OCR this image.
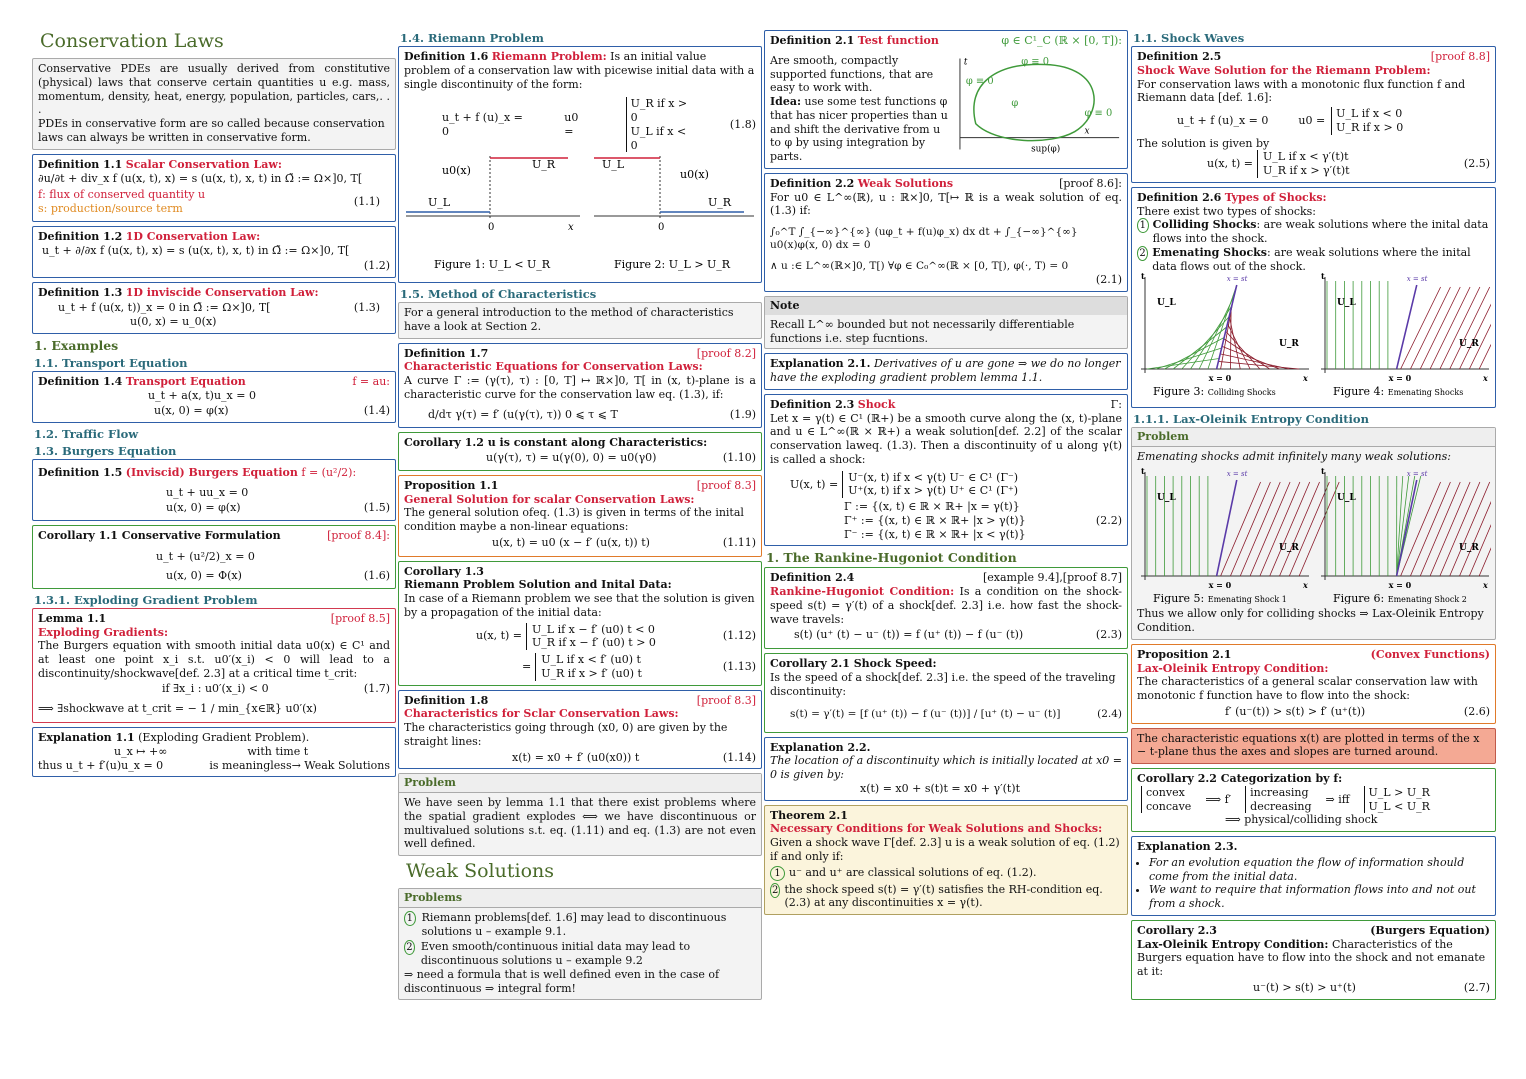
Conservation Laws
Conservative PDEs are usually derived from constitutive (physical) laws that conserve certain quantities u e.g. mass, momentum, density, heat, energy, population, particles, cars,. . .
PDEs in conservative form are so called because conservation laws can always be written in conservative form.
Definition 1.1 Scalar Conservation Law:
∂u/∂t + div_x f (u(x, t), x) = s (u(x, t), x, t) in Ω̃ := Ω×]0, T[
f: flux of conserved quantity u
s: production/source term
(1.1)
Definition 1.2 1D Conservation Law:
u_t + ∂/∂x f (u(x, t), x) = s (u(x, t), x, t) in Ω̃ := Ω×]0, T[
(1.2)
Definition 1.3 1D inviscide Conservation Law:
u_t + f (u(x, t))_x = 0 in Ω̃ := Ω×]0, T[	(1.3)
u(0, x) = u_0(x)
1. Examples
1.1. Transport Equation
Definition 1.4 Transport Equation	f = au:
u_t + a(x, t)u_x = 0
u(x, 0) = φ(x)	(1.4)
1.2. Traffic Flow
1.3. Burgers Equation
Definition 1.5 (Inviscid) Burgers Equation f = (u²/2):
u_t + uu_x = 0
u(x, 0) = φ(x)	(1.5)
Corollary 1.1 Conservative Formulation	[proof 8.4]:
u_t + (u²/2)_x = 0
u(x, 0) = Φ(x)	(1.6)
1.3.1. Exploding Gradient Problem
Lemma 1.1	[proof 8.5]
Exploding Gradients:
The Burgers equation with smooth initial data u0(x) ∈ C¹ and at least one point x_i s.t. u0′(x_i) < 0 will lead to a discontinuity/shockwave[def. 2.3] at a critical time t_crit:
if ∃x_i : u0′(x_i) < 0	(1.7)
⟹ ∃shockwave at t_crit = − 1 / min_{x∈ℝ} u0′(x)
Explanation 1.1 (Exploding Gradient Problem).
u_x ↦ +∞	with time t
thus u_t + f′(u)u_x = 0	is meaningless→ Weak Solutions
1.4. Riemann Problem
Definition 1.6 Riemann Problem: Is an initial value problem of a conservation law with picewise initial data with a single discontinuity of the form:
u_t + f (u)_x = 0
u0 =
U_R if x > 0
U_L if x < 0
(1.8)
U_L
U_R
u0(x)
0	x
U_L
U_R
u0(x)
0
Figure 1: U_L < U_R	Figure 2: U_L > U_R
1.5. Method of Characteristics
For a general introduction to the method of characteristics have a look at Section 2.
Definition 1.7	[proof 8.2]
Characteristic Equations for Conservation Laws:
A curve Γ := (γ(τ), τ) : [0, T] ↦ ℝ×]0, T[ in (x, t)-plane is a characteristic curve for the conservation law eq. (1.3), if:
d/dτ γ(τ) = f′ (u(γ(τ), τ)) 0 ⩽ τ ⩽ T	(1.9)
Corollary 1.2 u is constant along Characteristics:
u(γ(τ), τ) = u(γ(0), 0) = u0(γ0)	(1.10)
Proposition 1.1	[proof 8.3]
General Solution for scalar Conservation Laws:
The general solution ofeq. (1.3) is given in terms of the inital condition maybe a non-linear equations:
u(x, t) = u0 (x − f′ (u(x, t)) t)	(1.11)
Corollary 1.3
Riemann Problem Solution and Inital Data:
In case of a Riemann problem we see that the solution is given by a propagation of the initial data:
u(x, t) =
U_L if x − f′ (u0) t < 0
U_R if x − f′ (u0) t > 0
(1.12)
=
U_L if x < f′ (u0) t
U_R if x > f′ (u0) t
(1.13)
Definition 1.8	[proof 8.3]
Characteristics for Sclar Conservation Laws:
The characteristics going through (x0, 0) are given by the straight lines:
x(t) = x0 + f′ (u0(x0)) t	(1.14)
Problem
We have seen by lemma 1.1 that there exist problems where the spatial gradient explodes ⟺ we have discontinuous or multivalued solutions s.t. eq. (1.11) and eq. (1.3) are not even well defined.
Weak Solutions
Problems
1 Riemann problems[def. 1.6] may lead to discontinuous solutions u – example 9.1.
2 Even smooth/continuous initial data may lead to discontinuous solutions u – example 9.2
⇒ need a formula that is well defined even in the case of discontinuous ⇒ integral form!
Definition 2.1 Test function	φ ∈ C¹_C (ℝ × [0, T]):
Are smooth, compactly supported functions, that are easy to work with.
Idea: use some test functions φ that has nicer properties than u and shift the derivative from u to φ by using integration by parts.
t
φ ≡ 0
φ ≡ 0
φ ≡ 0
φ
x
sup(φ)
Definition 2.2 Weak Solutions	[proof 8.6]:
For u0 ∈ L^∞(ℝ), u : ℝ×]0, T[↦ ℝ is a weak solution of eq. (1.3) if:
∫₀^T ∫_{−∞}^{∞} (uφ_t + f(u)φ_x) dx dt + ∫_{−∞}^{∞} u0(x)φ(x, 0) dx = 0
∧ u :∈ L^∞(ℝ×]0, T[) ∀φ ∈ C₀^∞(ℝ × [0, T[), φ(·, T) = 0
(2.1)
Note
Recall L^∞ bounded but not necessarily differentiable functions i.e. step fucntions.
Explanation 2.1. Derivatives of u are gone ⇒ we do no longer have the exploding gradient problem lemma 1.1.
Definition 2.3 Shock	Γ:
Let x = γ(t) ∈ C¹ (ℝ+) be a smooth curve along the (x, t)-plane and u ∈ L^∞(ℝ × ℝ+) a weak solution[def. 2.2] of the scalar conservation laweq. (1.3). Then a discontinuity of u along γ(t) is called a shock:
U(x, t) =
U⁻(x, t) if x < γ(t) U⁻ ∈ C¹ (Γ⁻)
U⁺(x, t) if x > γ(t) U⁺ ∈ C¹ (Γ⁺)
Γ := {(x, t) ∈ ℝ × ℝ+ |x = γ(t)}
Γ⁺ := {(x, t) ∈ ℝ × ℝ+ |x > γ(t)}	(2.2)
Γ⁻ := {(x, t) ∈ ℝ × ℝ+ |x < γ(t)}
1. The Rankine-Hugoniot Condition
Definition 2.4	[example 9.4],[proof 8.7]
Rankine-Hugoniot Condition: Is a condition on the shock-speed s(t) = γ′(t) of a shock[def. 2.3] i.e. how fast the shock-wave travels:
s(t) (u⁺ (t) − u⁻ (t)) = f (u⁺ (t)) − f (u⁻ (t))	(2.3)
Corollary 2.1 Shock Speed:
Is the speed of a shock[def. 2.3] i.e. the speed of the traveling discontinuity:
s(t) = γ′(t) = [f (u⁺ (t)) − f (u⁻ (t))] / [u⁺ (t) − u⁻ (t)]	(2.4)
Explanation 2.2.
The location of a discontinuity which is initially located at x0 = 0 is given by:
x(t) = x0 + s(t)t = x0 + γ′(t)t
Theorem 2.1
Necessary Conditions for Weak Solutions and Shocks:
Given a shock wave Γ[def. 2.3] u is a weak solution of eq. (1.2) if and only if:
1 u⁻ and u⁺ are classical solutions of eq. (1.2).
2 the shock speed s(t) = γ′(t) satisfies the RH-condition eq. (2.3) at any discontinuities x = γ(t).
1.1. Shock Waves
Definition 2.5	[proof 8.8]
Shock Wave Solution for the Riemann Problem:
For conservation laws with a monotonic flux function f and Riemann data [def. 1.6]:
u_t + f (u)_x = 0	u0 =
U_L if x < 0
U_R if x > 0
The solution is given by
u(x, t) =
U_L if x < γ′(t)t
U_R if x > γ′(t)t
(2.5)
Definition 2.6 Types of Shocks:
There exist two types of shocks:
1 Colliding Shocks: are weak solutions where the inital data flows into the shock.
2 Emenating Shocks: are weak solutions where the inital data flows out of the shock.
x = st
U_L
U_R
x = 0
t
x
Figure 3: Colliding Shocks
x = st
U_L
U_R
x = 0
t
x
Figure 4: Emenating Shocks
1.1.1. Lax-Oleinik Entropy Condition
Problem
Emenating shocks admit infinitely many weak solutions:
x = st
U_L
U_R
x = 0
t
x
Figure 5: Emenating Shock 1
x = st
U_L
U_R
x = 0
t
x
Figure 6: Emenating Shock 2
Thus we allow only for colliding shocks ⇒ Lax-Oleinik Entropy Condition.
Proposition 2.1	(Convex Functions)
Lax-Oleinik Entropy Condition:
The characteristics of a general scalar conservation law with monotonic f function have to flow into the shock:
f′ (u⁻(t)) > s(t) > f′ (u⁺(t))	(2.6)
The characteristic equations x(t) are plotted in terms of the x − t-plane thus the axes and slopes are turned around.
Corollary 2.2 Categorization by f:
convex
concave
⟹ f′
increasing
decreasing
⇒ iff
U_L > U_R
U_L < U_R
⟹ physical/colliding shock
Explanation 2.3.
• For an evolution equation the flow of information should come from the initial data.
• We want to require that information flows into and not out from a shock.
Corollary 2.3	(Burgers Equation)
Lax-Oleinik Entropy Condition: Characteristics of the Burgers equation have to flow into the shock and not emanate at it:
u⁻(t) > s(t) > u⁺(t)	(2.7)
